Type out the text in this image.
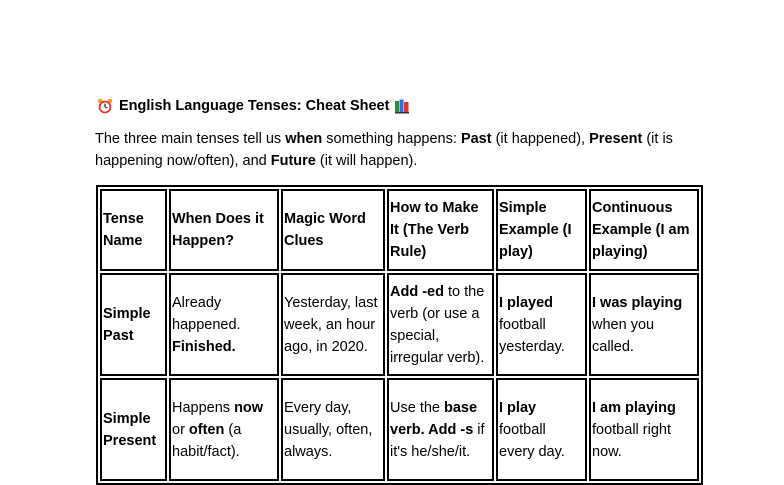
English Language Tenses: Cheat Sheet
The three main tenses tell us when something happens: Past (it happened), Present (it is happening now/often), and Future (it will happen).
Tense Name	When Does it Happen?	Magic Word Clues	How to Make It (The Verb Rule)	Simple Example (I play)	Continuous Example (I am playing)
Simple Past	Already happened. Finished.	Yesterday, last week, an hour ago, in 2020.	Add -ed to the verb (or use a special, irregular verb).	I played football yesterday.	I was playing when you called.
Simple Present	Happens now or often (a habit/fact).	Every day, usually, often, always.	Use the base verb. Add -s if it's he/she/it.	I play football every day.	I am playing football right now.
